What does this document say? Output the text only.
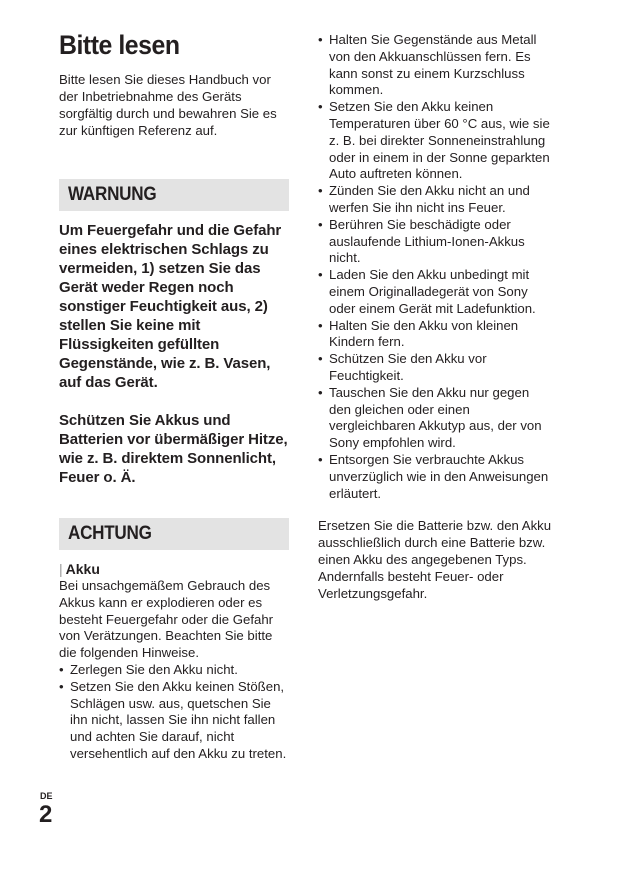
Bitte lesen
Bitte lesen Sie dieses Handbuch vor der Inbetriebnahme des Geräts sorgfältig durch und bewahren Sie es zur künftigen Referenz auf.
WARNUNG

Um Feuergefahr und die Gefahr eines elektrischen Schlags zu vermeiden, 1) setzen Sie das Gerät weder Regen noch sonstiger Feuchtigkeit aus, 2) stellen Sie keine mit Flüssigkeiten gefüllten Gegenstände, wie z. B. Vasen, auf das Gerät.

Schützen Sie Akkus und Batterien vor übermäßiger Hitze, wie z. B. direktem Sonnenlicht, Feuer o. Ä.

ACHTUNG
| Akku
Bei unsachgemäßem Gebrauch des Akkus kann er explodieren oder es besteht Feuergefahr oder die Gefahr von Verätzungen. Beachten Sie bitte die folgenden Hinweise.
• Zerlegen Sie den Akku nicht.
• Setzen Sie den Akku keinen Stößen, Schlägen usw. aus, quetschen Sie ihn nicht, lassen Sie ihn nicht fallen und achten Sie darauf, nicht versehentlich auf den Akku zu treten.
• Halten Sie Gegenstände aus Metall von den Akkuanschlüssen fern. Es kann sonst zu einem Kurzschluss kommen.
• Setzen Sie den Akku keinen Temperaturen über 60 °C aus, wie sie z. B. bei direkter Sonneneinstrahlung oder in einem in der Sonne geparkten Auto auftreten können.
• Zünden Sie den Akku nicht an und werfen Sie ihn nicht ins Feuer.
• Berühren Sie beschädigte oder auslaufende Lithium-Ionen-Akkus nicht.
• Laden Sie den Akku unbedingt mit einem Originalladegerät von Sony oder einem Gerät mit Ladefunktion.
• Halten Sie den Akku von kleinen Kindern fern.
• Schützen Sie den Akku vor Feuchtigkeit.
• Tauschen Sie den Akku nur gegen den gleichen oder einen vergleichbaren Akkutyp aus, der von Sony empfohlen wird.
• Entsorgen Sie verbrauchte Akkus unverzüglich wie in den Anweisungen erläutert.
Ersetzen Sie die Batterie bzw. den Akku ausschließlich durch eine Batterie bzw. einen Akku des angegebenen Typs. Andernfalls besteht Feuer- oder Verletzungsgefahr.
DE
2
